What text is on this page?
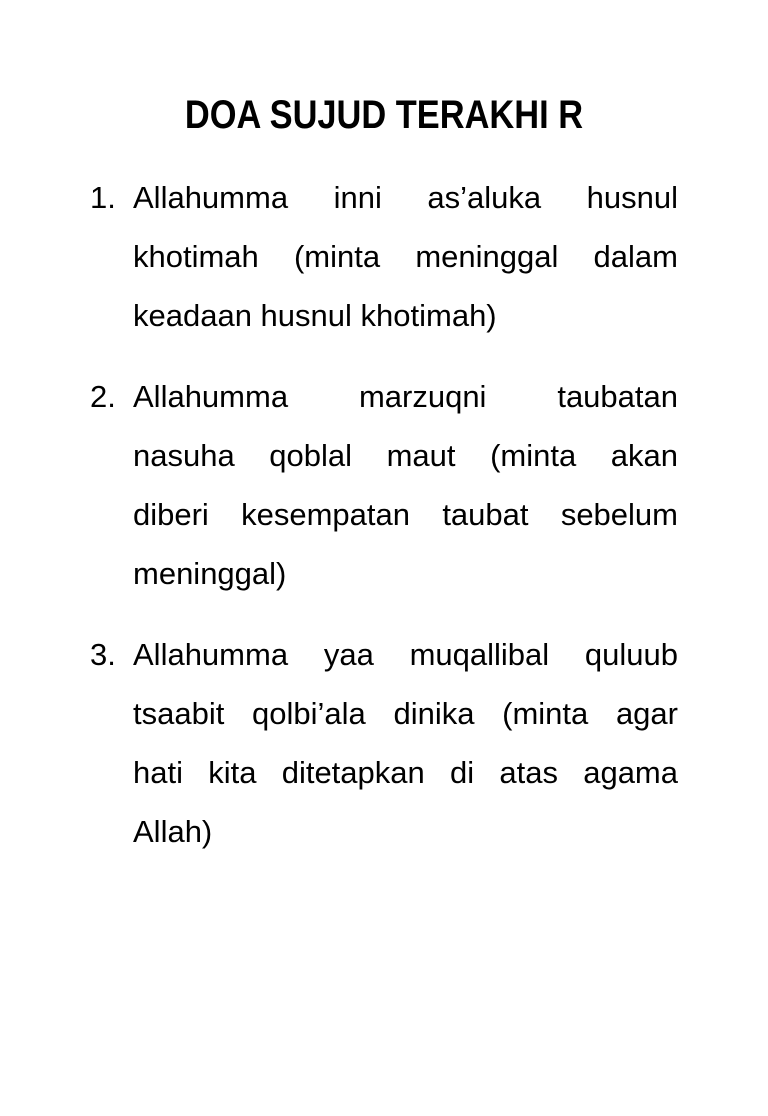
DOA SUJUD TERAKHI R
1. Allahumma inni as’aluka husnul
khotimah (minta meninggal dalam
keadaan husnul khotimah)
2. Allahumma marzuqni taubatan
nasuha qoblal maut (minta akan
diberi kesempatan taubat sebelum
meninggal)
3. Allahumma yaa muqallibal quluub
tsaabit qolbi’ala dinika (minta agar
hati kita ditetapkan di atas agama
Allah)
